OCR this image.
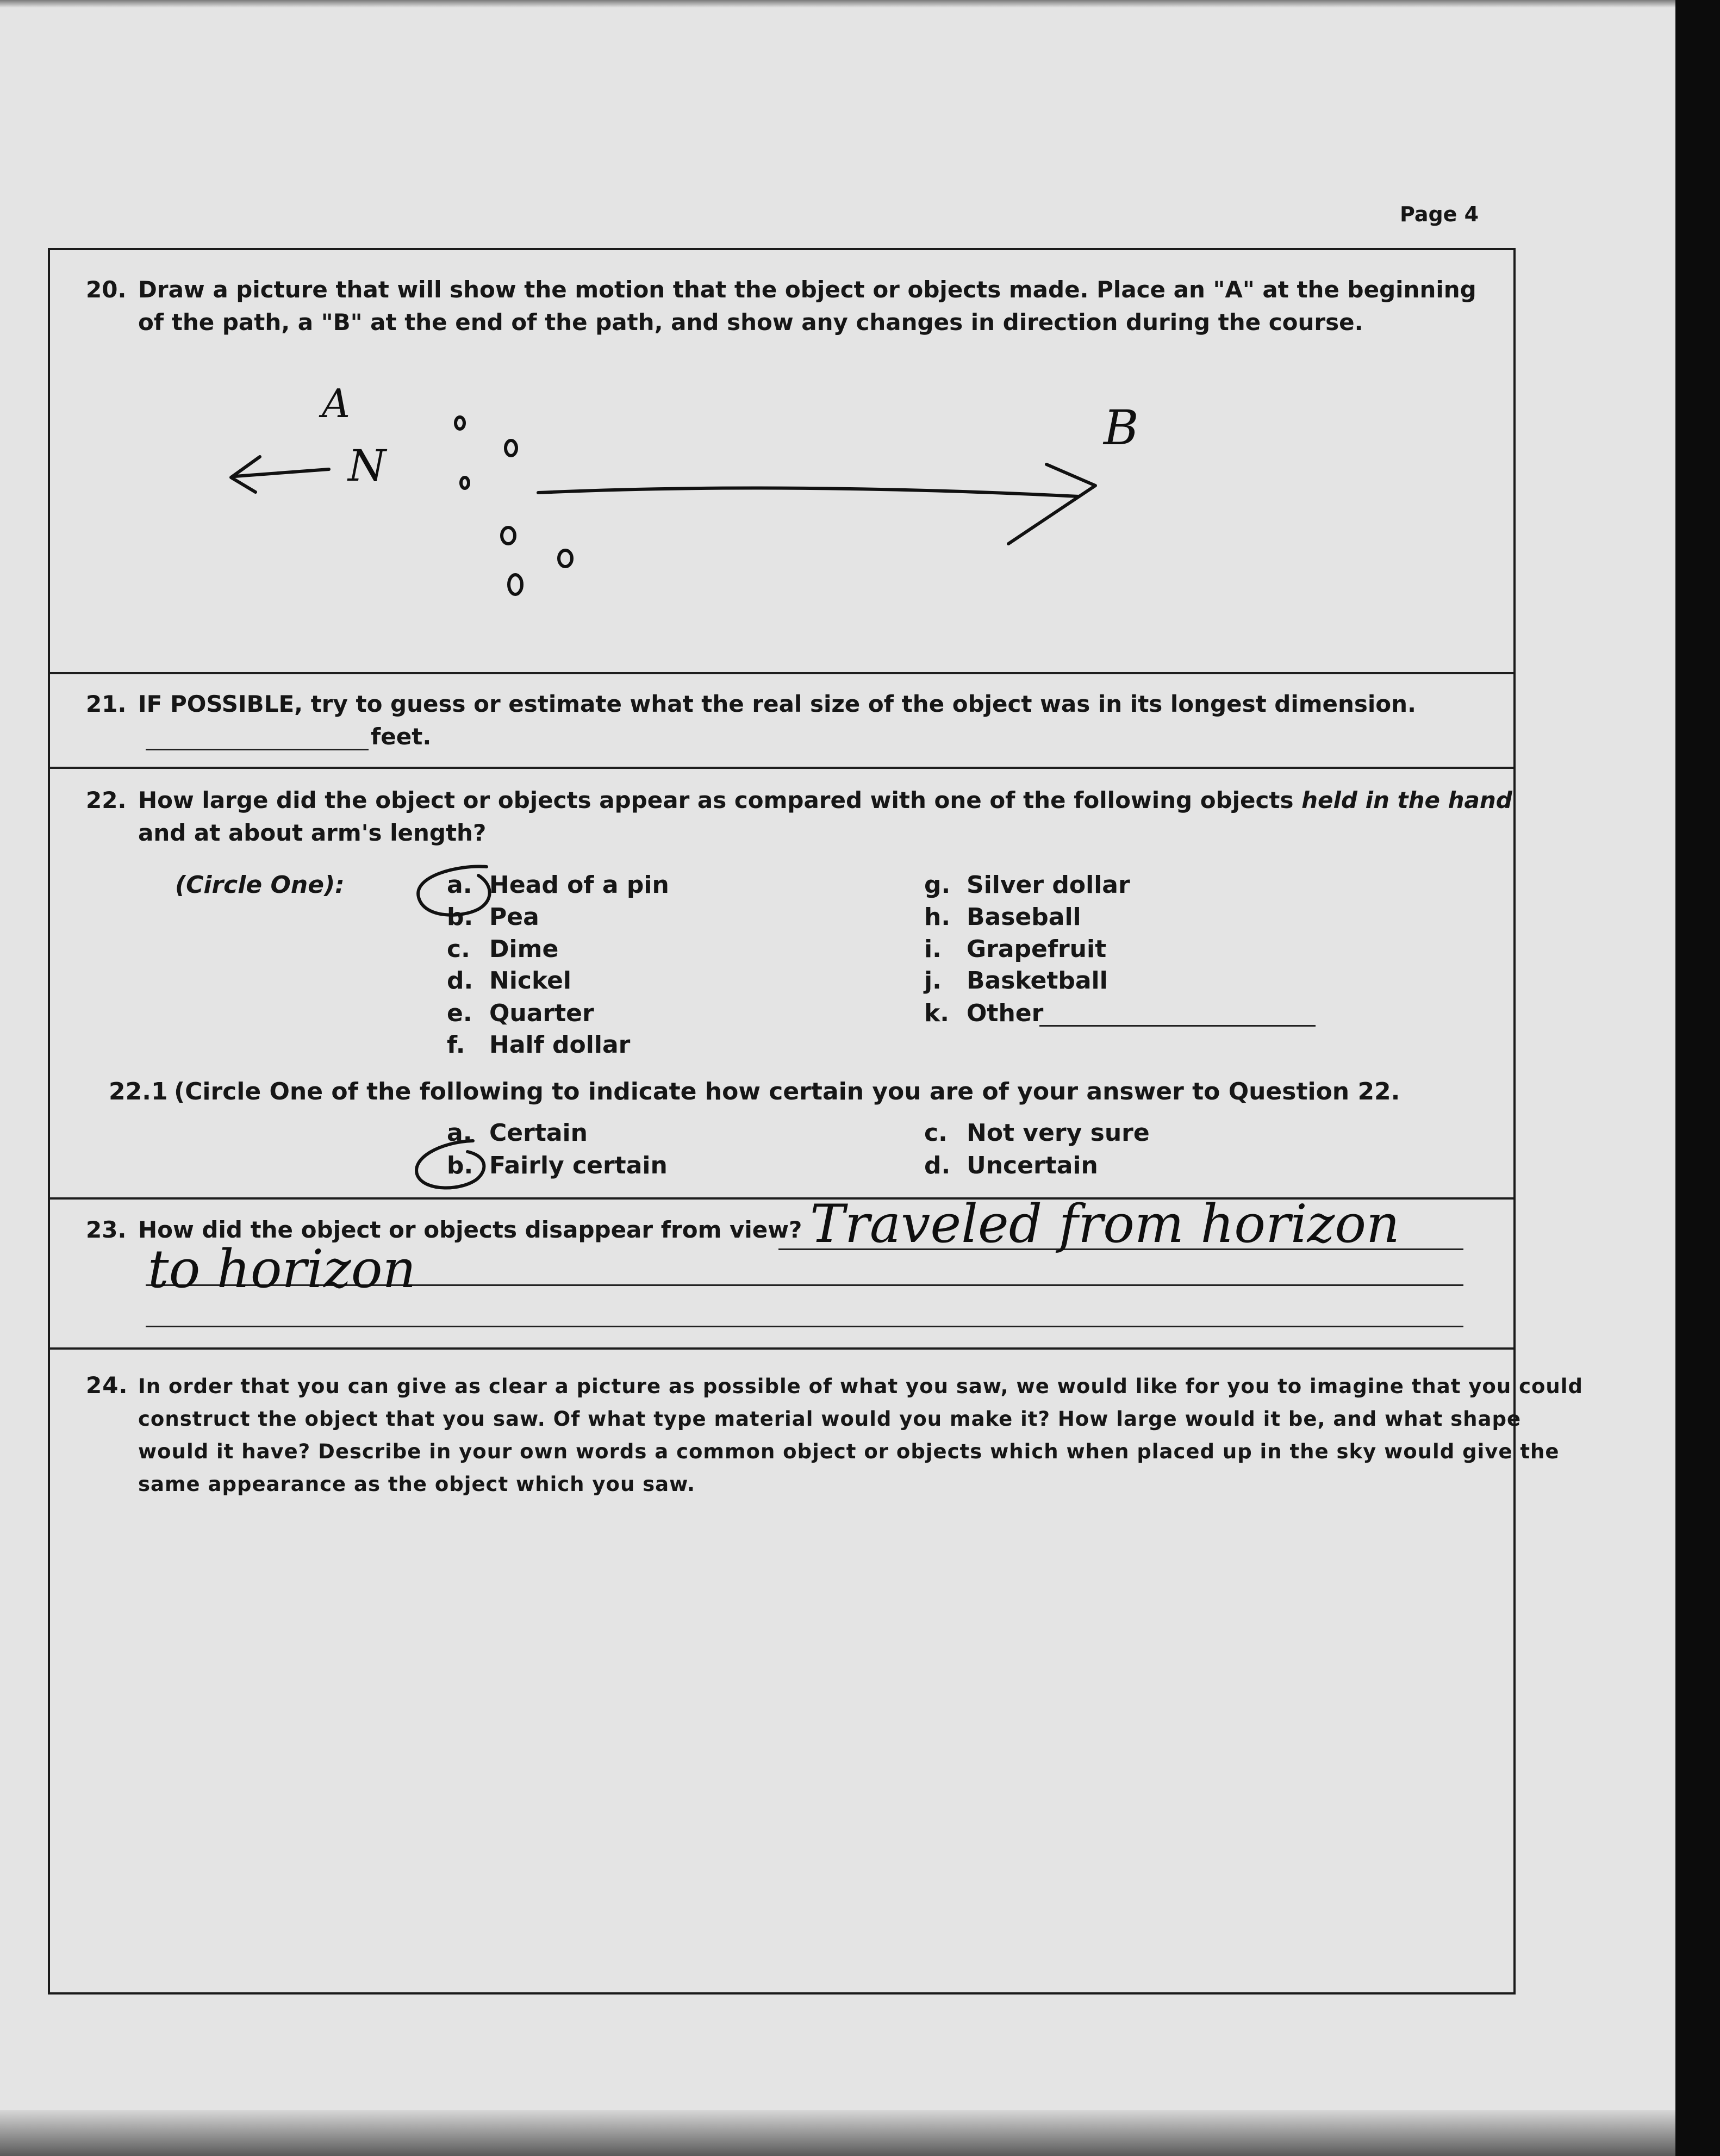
Page 4
20. Draw a picture that will show the motion that the object or objects made. Place an "A" at the beginning
of the path, a "B" at the end of the path, and show any changes in direction during the course.
A
N
B
21. IF POSSIBLE, try to guess or estimate what the real size of the object was in its longest dimension.
feet.
22. How large did the object or objects appear as compared with one of the following objects held in the hand
and at about arm's length?
(Circle One):	a. Head of a pin
b. Pea
c. Dime
d. Nickel
e. Quarter
f. Half dollar
g. Silver dollar
h. Baseball
i. Grapefruit
j. Basketball
k. Other
22.1 (Circle One of the following to indicate how certain you are of your answer to Question 22.
a. Certain
b. Fairly certain
c. Not very sure
d. Uncertain
23. How did the object or objects disappear from view? Traveled from horizon
to horizon
24. In order that you can give as clear a picture as possible of what you saw, we would like for you to imagine that you could
construct the object that you saw. Of what type material would you make it? How large would it be, and what shape
would it have? Describe in your own words a common object or objects which when placed up in the sky would give the
same appearance as the object which you saw.
